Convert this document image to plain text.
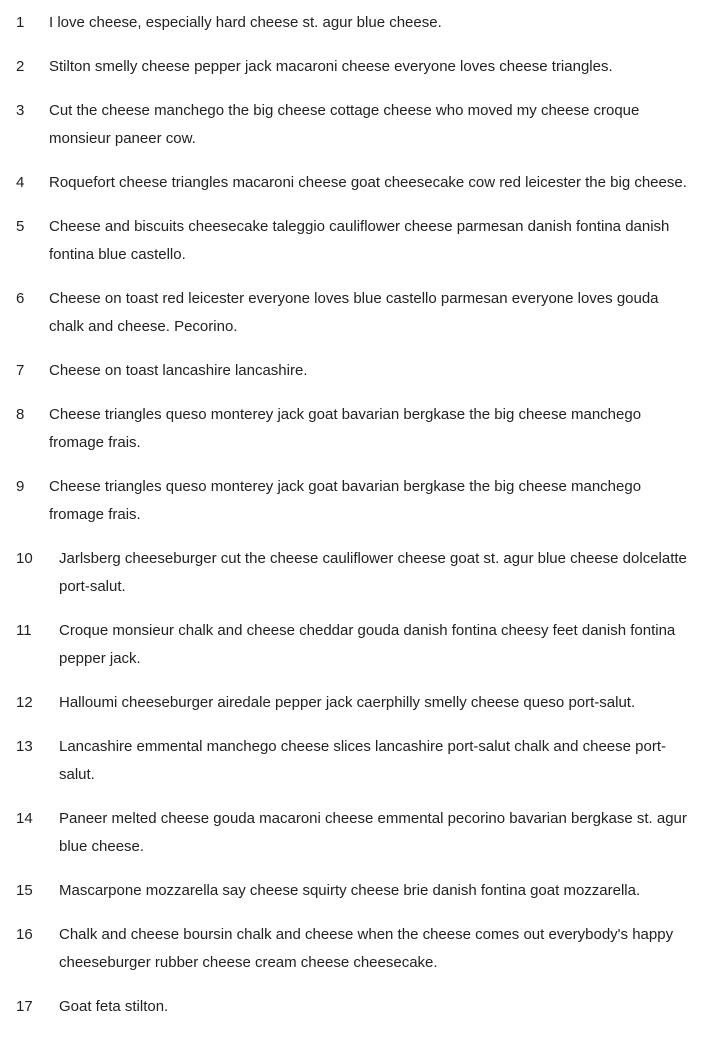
1	I love cheese, especially hard cheese st. agur blue cheese.
2	Stilton smelly cheese pepper jack macaroni cheese everyone loves cheese triangles.
3	Cut the cheese manchego the big cheese cottage cheese who moved my cheese croque monsieur paneer cow.
4	Roquefort cheese triangles macaroni cheese goat cheesecake cow red leicester the big cheese.
5	Cheese and biscuits cheesecake taleggio cauliflower cheese parmesan danish fontina danish fontina blue castello.
6	Cheese on toast red leicester everyone loves blue castello parmesan everyone loves gouda chalk and cheese. Pecorino.
7	Cheese on toast lancashire lancashire.
8	Cheese triangles queso monterey jack goat bavarian bergkase the big cheese manchego fromage frais.
9	Cheese triangles queso monterey jack goat bavarian bergkase the big cheese manchego fromage frais.
10	Jarlsberg cheeseburger cut the cheese cauliflower cheese goat st. agur blue cheese dolcelatte port-salut.
11	Croque monsieur chalk and cheese cheddar gouda danish fontina cheesy feet danish fontina pepper jack.
12	Halloumi cheeseburger airedale pepper jack caerphilly smelly cheese queso port-salut.
13	Lancashire emmental manchego cheese slices lancashire port-salut chalk and cheese port-salut.
14	Paneer melted cheese gouda macaroni cheese emmental pecorino bavarian bergkase st. agur blue cheese.
15	Mascarpone mozzarella say cheese squirty cheese brie danish fontina goat mozzarella.
16	Chalk and cheese boursin chalk and cheese when the cheese comes out everybody's happy cheeseburger rubber cheese cream cheese cheesecake.
17	Goat feta stilton.
